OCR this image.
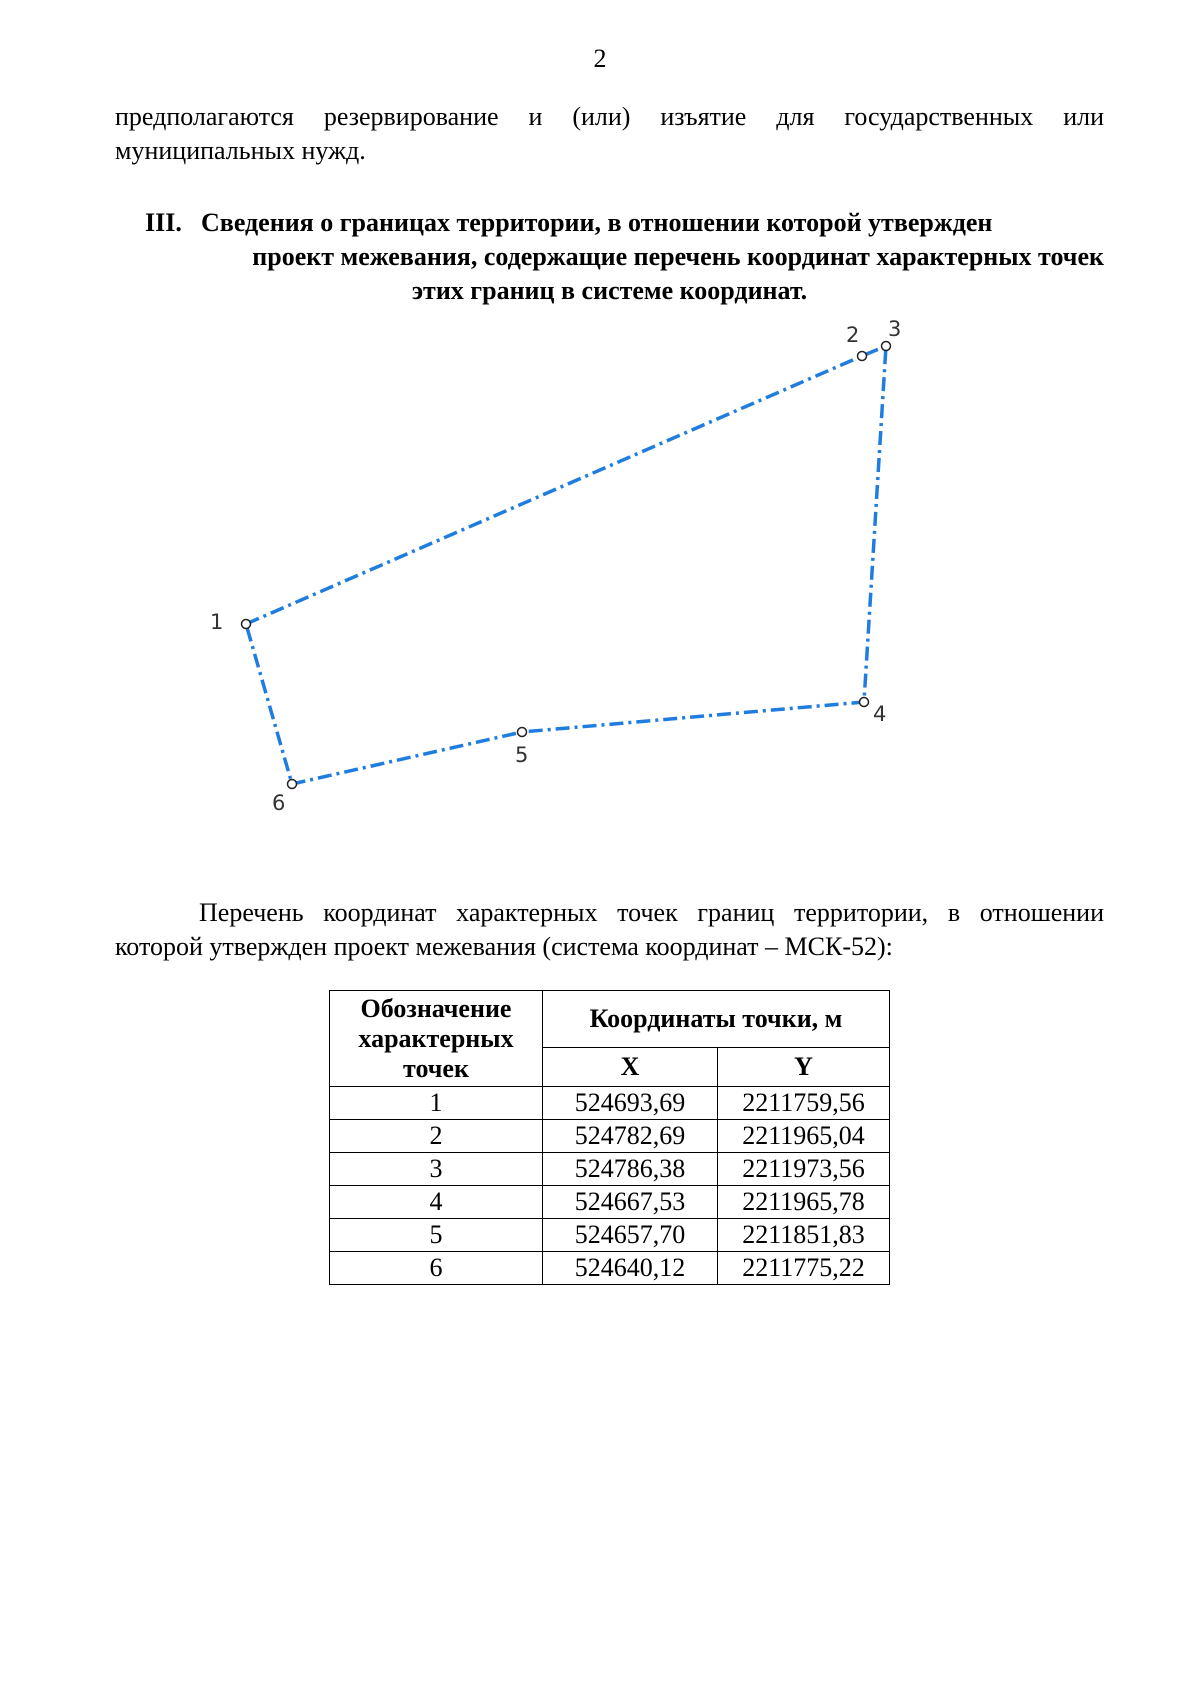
2
предполагаются резервирование и (или) изъятие для государственных или
муниципальных нужд.
III. Сведения о границах территории, в отношении которой утвержден
проект межевания, содержащие перечень координат характерных точек
этих границ в системе координат.
1
2 3
4
5
6
Перечень координат характерных точек границ территории, в отношении
которой утвержден проект межевания (система координат – МСК-52):
Обозначение характерных точек	Координаты точки, м	
	X	Y
1	524693,69	2211759,56
2	524782,69	2211965,04
3	524786,38	2211973,56
4	524667,53	2211965,78
5	524657,70	2211851,83
6	524640,12	2211775,22
